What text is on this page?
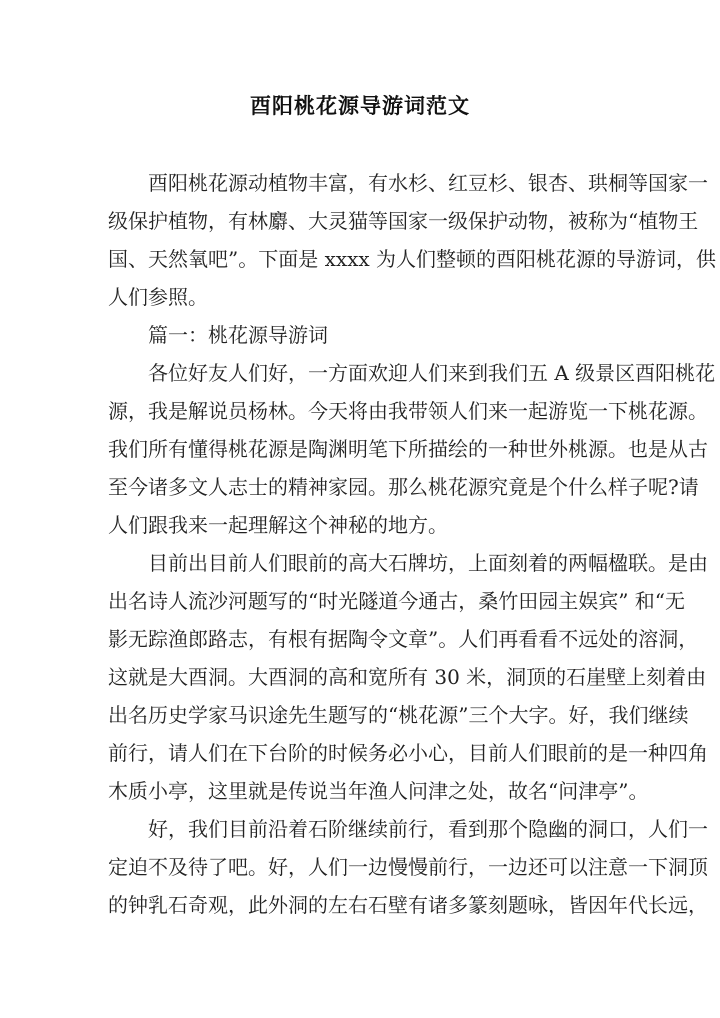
酉阳桃花源导游词范文
酉阳桃花源动植物丰富，有水杉、红豆杉、银杏、珙桐等国家一
级保护植物，有林麝、大灵猫等国家一级保护动物，被称为“植物王
国、天然氧吧”。下面是 xxxx 为人们整顿的酉阳桃花源的导游词，供
人们参照。
篇一：桃花源导游词
各位好友人们好，一方面欢迎人们来到我们五 A 级景区酉阳桃花
源，我是解说员杨林。今天将由我带领人们来一起游览一下桃花源。
我们所有懂得桃花源是陶渊明笔下所描绘的一种世外桃源。也是从古
至今诸多文人志士的精神家园。那么桃花源究竟是个什么样子呢?请
人们跟我来一起理解这个神秘的地方。
目前出目前人们眼前的高大石牌坊，上面刻着的两幅楹联。是由
出名诗人流沙河题写的“时光隧道今通古，桑竹田园主娱宾” 和“无
影无踪渔郎路志，有根有据陶令文章”。人们再看看不远处的溶洞，
这就是大酉洞。大酉洞的高和宽所有 30 米，洞顶的石崖壁上刻着由
出名历史学家马识途先生题写的“桃花源”三个大字。好，我们继续
前行，请人们在下台阶的时候务必小心，目前人们眼前的是一种四角
木质小亭，这里就是传说当年渔人问津之处，故名“问津亭”。
好，我们目前沿着石阶继续前行，看到那个隐幽的洞口，人们一
定迫不及待了吧。好，人们一边慢慢前行，一边还可以注意一下洞顶
的钟乳石奇观，此外洞的左右石壁有诸多篆刻题咏，皆因年代长远，
